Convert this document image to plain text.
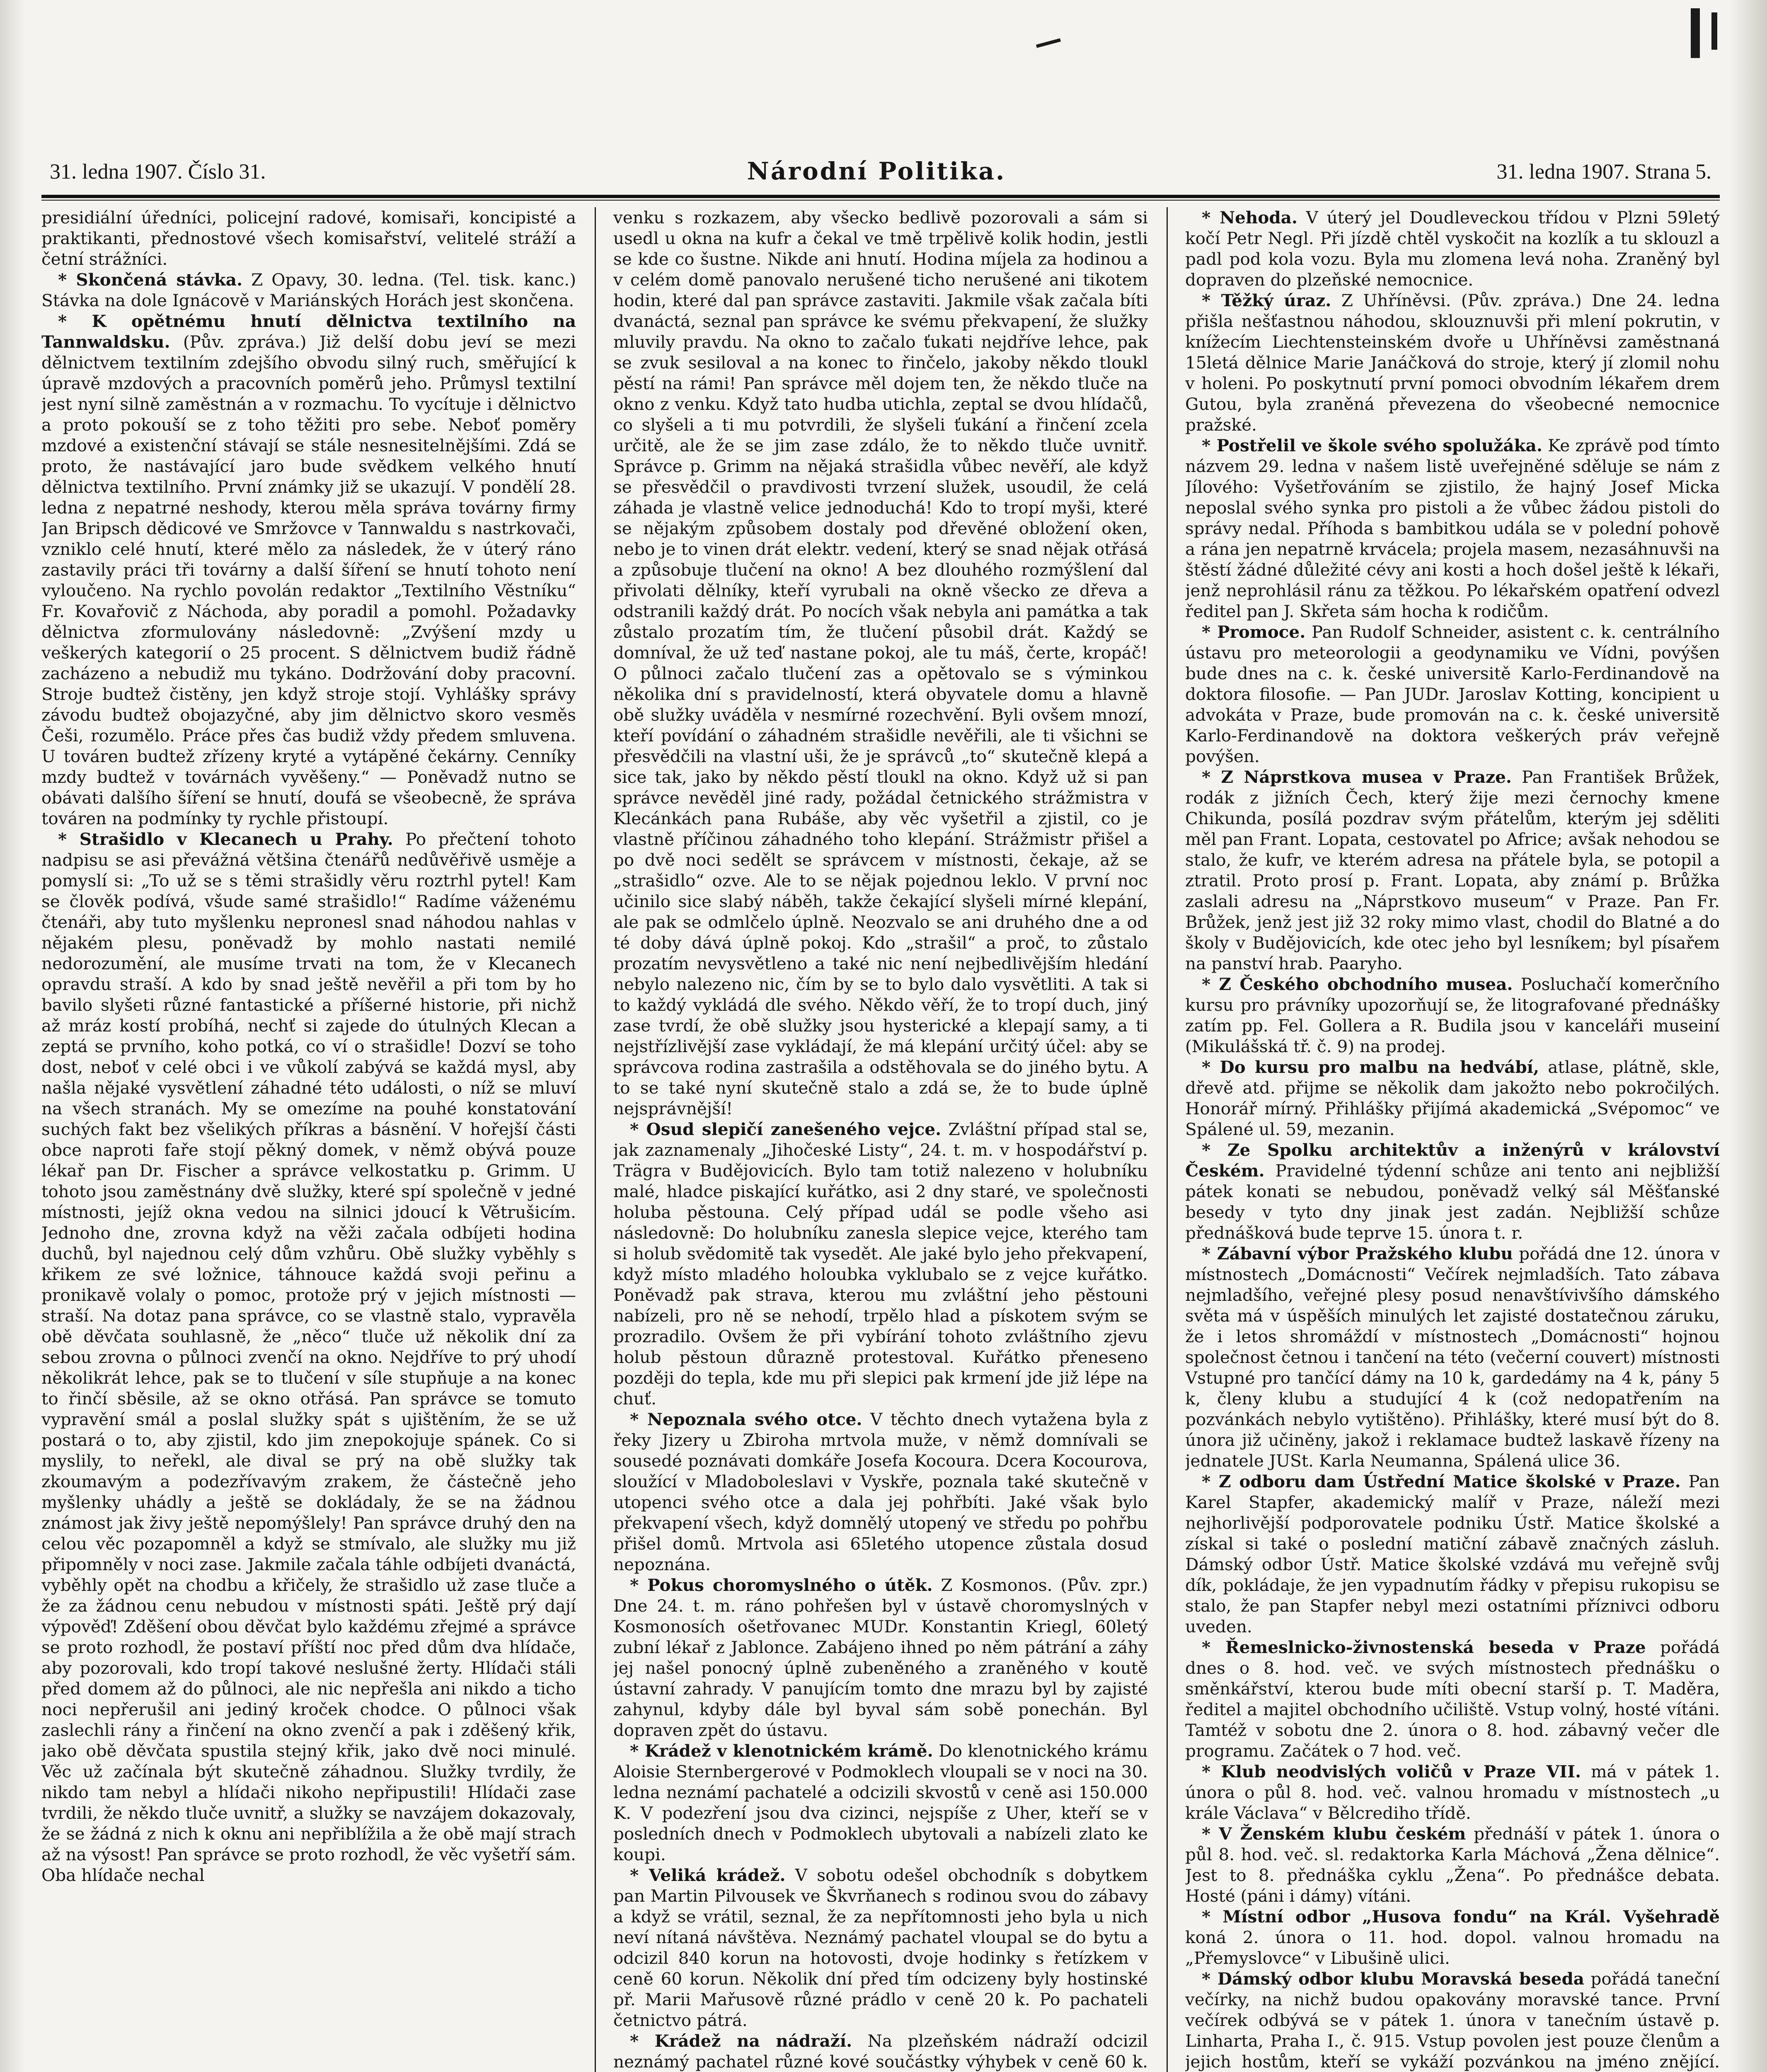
31. ledna 1907. Číslo 31.	Národní Politika.	31. ledna 1907. Strana 5.

presidiální úředníci, policejní radové, komisaři, koncipisté a praktikanti, přednostové všech komisařství, velitelé stráží a četní strážníci.

* Skončená stávka. Z Opavy, 30. ledna. (Tel. tisk. kanc.) Stávka na dole Ignácově v Mariánských Horách jest skončena.

* K opětnému hnutí dělnictva textilního na Tannwaldsku. (Pův. zpráva.) Již delší dobu jeví se mezi dělnictvem textilním zdejšího obvodu silný ruch, směřující k úpravě mzdových a pracovních poměrů jeho. Průmysl textilní jest nyní silně zaměstnán a v rozmachu. To vycítuje i dělnictvo a proto pokouší se z toho těžiti pro sebe. Neboť poměry mzdové a existenční stávají se stále nesnesitelnějšími. Zdá se proto, že nastávající jaro bude svědkem velkého hnutí dělnictva textilního. První známky již se ukazují. V pondělí 28. ledna z nepatrné neshody, kterou měla správa továrny firmy Jan Bripsch dědicové ve Smržovce v Tannwaldu s nastrkovači, vzniklo celé hnutí, které mělo za následek, že v úterý ráno zastavily práci tři továrny a další šíření se hnutí tohoto není vyloučeno. Na rychlo povolán redaktor „Textilního Věstníku“ Fr. Kovařovič z Náchoda, aby poradil a pomohl. Požadavky dělnictva zformulovány následovně: „Zvýšení mzdy u veškerých kategorií o 25 procent. S dělnictvem budiž řádně zacházeno a nebudiž mu tykáno. Dodržování doby pracovní. Stroje budtež čistěny, jen když stroje stojí. Vyhlášky správy závodu budtež obojazyčné, aby jim dělnictvo skoro vesměs Češi, rozumělo. Práce přes čas budiž vždy předem smluvena. U továren budtež zřízeny kryté a vytápěné čekárny. Cenníky mzdy budtež v továrnách vyvěšeny.“ — Poněvadž nutno se obávati dalšího šíření se hnutí, doufá se všeobecně, že správa továren na podmínky ty rychle přistoupí.

* Strašidlo v Klecanech u Prahy. Po přečtení tohoto nadpisu se asi převážná většina čtenářů nedůvěřivě usměje a pomyslí si: „To už se s těmi strašidly věru roztrhl pytel! Kam se člověk podívá, všude samé strašidlo!“ Radíme váženému čtenáři, aby tuto myšlenku nepronesl snad náhodou nahlas v nějakém plesu, poněvadž by mohlo nastati nemilé nedorozumění, ale musíme trvati na tom, že v Klecanech opravdu straší. A kdo by snad ještě nevěřil a při tom by ho bavilo slyšeti různé fantastické a příšerné historie, při nichž až mráz kostí probíhá, nechť si zajede do útulných Klecan a zeptá se prvního, koho potká, co ví o strašidle! Dozví se toho dost, neboť v celé obci i ve vůkolí zabývá se každá mysl, aby našla nějaké vysvětlení záhadné této události, o níž se mluví na všech stranách. My se omezíme na pouhé konstatování suchých fakt bez všelikých příkras a básnění. V hořejší části obce naproti faře stojí pěkný domek, v němž obývá pouze lékař pan Dr. Fischer a správce velkostatku p. Grimm. U tohoto jsou zaměstnány dvě služky, které spí společně v jedné místnosti, jejíž okna vedou na silnici jdoucí k Větrušicím. Jednoho dne, zrovna když na věži začala odbíjeti hodina duchů, byl najednou celý dům vzhůru. Obě služky vyběhly s křikem ze své ložnice, táhnouce každá svoji peřinu a pronikavě volaly o pomoc, protože prý v jejich místnosti — straší. Na dotaz pana správce, co se vlastně stalo, vypravěla obě děvčata souhlasně, že „něco“ tluče už několik dní za sebou zrovna o půlnoci zvenčí na okno. Nejdříve to prý uhodí několikrát lehce, pak se to tlučení v síle stupňuje a na konec to řinčí sběsile, až se okno otřásá. Pan správce se tomuto vypravění smál a poslal služky spát s ujištěním, že se už postará o to, aby zjistil, kdo jim znepokojuje spánek. Co si myslily, to neřekl, ale dival se prý na obě služky tak zkoumavým a podezřívavým zrakem, že částečně jeho myšlenky uhádly a ještě se dokládaly, že se na žádnou známost jak živy ještě nepomýšlely! Pan správce druhý den na celou věc pozapomněl a když se stmívalo, ale služky mu již připomněly v noci zase. Jakmile začala táhle odbíjeti dvanáctá, vyběhly opět na chodbu a křičely, že strašidlo už zase tluče a že za žádnou cenu nebudou v místnosti spáti. Ještě prý dají výpověď! Zděšení obou děvčat bylo každému zřejmé a správce se proto rozhodl, že postaví příští noc před dům dva hlídače, aby pozorovali, kdo tropí takové neslušné žerty. Hlídači stáli před domem až do půlnoci, ale nic nepřešla ani nikdo a ticho noci nepřerušil ani jediný kroček chodce. O půlnoci však zaslechli rány a řinčení na okno zvenčí a pak i zděšený křik, jako obě děvčata spustila stejný křik, jako dvě noci minulé. Věc už začínala být skutečně záhadnou. Služky tvrdily, že nikdo tam nebyl a hlídači nikoho nepřipustili! Hlídači zase tvrdili, že někdo tluče uvnitř, a služky se navzájem dokazovaly, že se žádná z nich k oknu ani nepřiblížila a že obě mají strach až na výsost! Pan správce se proto rozhodl, že věc vyšetří sám. Oba hlídače nechal

venku s rozkazem, aby všecko bedlivě pozorovali a sám si usedl u okna na kufr a čekal ve tmě trpělivě kolik hodin, jestli se kde co šustne. Nikde ani hnutí. Hodina míjela za hodinou a v celém domě panovalo nerušené ticho nerušené ani tikotem hodin, které dal pan správce zastaviti. Jakmile však začala bíti dvanáctá, seznal pan správce ke svému překvapení, že služky mluvily pravdu. Na okno to začalo ťukati nejdříve lehce, pak se zvuk sesiloval a na konec to řinčelo, jakoby někdo tloukl pěstí na rámi! Pan správce měl dojem ten, že někdo tluče na okno z venku. Když tato hudba utichla, zeptal se dvou hlídačů, co slyšeli a ti mu potvrdili, že slyšeli ťukání a řinčení zcela určitě, ale že se jim zase zdálo, že to někdo tluče uvnitř. Správce p. Grimm na nějaká strašidla vůbec nevěří, ale když se přesvědčil o pravdivosti tvrzení služek, usoudil, že celá záhada je vlastně velice jednoduchá! Kdo to tropí myši, které se nějakým způsobem dostaly pod dřevěné obložení oken, nebo je to vinen drát elektr. vedení, který se snad nějak otřásá a způsobuje tlučení na okno! A bez dlouhého rozmýšlení dal přivolati dělníky, kteří vyrubali na okně všecko ze dřeva a odstranili každý drát. Po nocích však nebyla ani památka a tak zůstalo prozatím tím, že tlučení působil drát. Každý se domníval, že už teď nastane pokoj, ale tu máš, čerte, kropáč! O půlnoci začalo tlučení zas a opětovalo se s výminkou několika dní s pravidelností, která obyvatele domu a hlavně obě služky uváděla v nesmírné rozechvění. Byli ovšem mnozí, kteří povídání o záhadném strašidle nevěřili, ale ti všichni se přesvědčili na vlastní uši, že je správců „to“ skutečně klepá a sice tak, jako by někdo pěstí tloukl na okno. Když už si pan správce nevěděl jiné rady, požádal četnického strážmistra v Klecánkách pana Rubáše, aby věc vyšetřil a zjistil, co je vlastně příčinou záhadného toho klepání. Strážmistr přišel a po dvě noci sedělt se správcem v místnosti, čekaje, až se „strašidlo“ ozve. Ale to se nějak pojednou leklo. V první noc učinilo sice slabý náběh, takže čekající slyšeli mírné klepání, ale pak se odmlčelo úplně. Neozvalo se ani druhého dne a od té doby dává úplně pokoj. Kdo „strašil“ a proč, to zůstalo prozatím nevysvětleno a také nic není nejbedlivějším hledání nebylo nalezeno nic, čím by se to bylo dalo vysvětliti. A tak si to každý vykládá dle svého. Někdo věří, že to tropí duch, jiný zase tvrdí, že obě služky jsou hysterické a klepají samy, a ti nejstřízlivější zase vykládají, že má klepání určitý účel: aby se správcova rodina zastrašila a odstěhovala se do jiného bytu. A to se také nyní skutečně stalo a zdá se, že to bude úplně nejsprávnější!

* Osud slepičí zanešeného vejce. Zvláštní případ stal se, jak zaznamenaly „Jihočeské Listy“, 24. t. m. v hospodářství p. Trägra v Budějovicích. Bylo tam totiž nalezeno v holubníku malé, hladce piskající kuřátko, asi 2 dny staré, ve společnosti holuba pěstouna. Celý případ udál se podle všeho asi následovně: Do holubníku zanesla slepice vejce, kterého tam si holub svědomitě tak vysedět. Ale jaké bylo jeho překvapení, když místo mladého holoubka vyklubalo se z vejce kuřátko. Poněvadž pak strava, kterou mu zvláštní jeho pěstouni nabízeli, pro ně se nehodí, trpělo hlad a pískotem svým se prozradilo. Ovšem že při vybírání tohoto zvláštního zjevu holub pěstoun důrazně protestoval. Kuřátko přeneseno později do tepla, kde mu při slepici pak krmení jde již lépe na chuť.

* Nepoznala svého otce. V těchto dnech vytažena byla z řeky Jizery u Zbiroha mrtvola muže, v němž domnívali se sousedé poznávati domkáře Josefa Kocoura. Dcera Kocourova, sloužící v Mladoboleslavi v Vyskře, poznala také skutečně v utopenci svého otce a dala jej pohřbíti. Jaké však bylo překvapení všech, když domnělý utopený ve středu po pohřbu přišel domů. Mrtvola asi 65letého utopence zůstala dosud nepoznána.

* Pokus choromyslného o útěk. Z Kosmonos. (Pův. zpr.) Dne 24. t. m. ráno pohřešen byl v ústavě choromyslných v Kosmonosích ošetřovanec MUDr. Konstantin Kriegl, 60letý zubní lékař z Jablonce. Zabájeno ihned po něm pátrání a záhy jej našel ponocný úplně zubeněného a zraněného v koutě ústavní zahrady. V panujícím tomto dne mrazu byl by zajisté zahynul, kdyby dále byl byval sám sobě ponechán. Byl dopraven zpět do ústavu.

* Krádež v klenotnickém krámě. Do klenotnického krámu Aloisie Sternbergerové v Podmoklech vloupali se v noci na 30. ledna neznámí pachatelé a odcizili skvostů v ceně asi 150.000 K. V podezření jsou dva cizinci, nejspíše z Uher, kteří se v posledních dnech v Podmoklech ubytovali a nabízeli zlato ke koupi.

* Veliká krádež. V sobotu odešel obchodník s dobytkem pan Martin Pilvousek ve Škvrňanech s rodinou svou do zábavy a když se vrátil, seznal, že za nepřítomnosti jeho byla u nich neví nítaná návštěva. Neznámý pachatel vloupal se do bytu a odcizil 840 korun na hotovosti, dvoje hodinky s řetízkem v ceně 60 korun. Několik dní před tím odcizeny byly hostinské př. Marii Mařusově různé prádlo v ceně 20 k. Po pachateli četnictvo pátrá.

* Krádež na nádraží. Na plzeňském nádraží odcizil neznámý pachatel různé kové součástky výhybek v ceně 60 k.

* Nehoda. V úterý jel Doudleveckou třídou v Plzni 59letý kočí Petr Negl. Při jízdě chtěl vyskočit na kozlík a tu sklouzl a padl pod kola vozu. Byla mu zlomena levá noha. Zraněný byl dopraven do plzeňské nemocnice.

* Těžký úraz. Z Uhříněvsi. (Pův. zpráva.) Dne 24. ledna přišla nešťastnou náhodou, sklouznuvši při mlení pokrutin, v knížecím Liechtensteinském dvoře u Uhříněvsi zaměstnaná 15letá dělnice Marie Janáčková do stroje, který jí zlomil nohu v holeni. Po poskytnutí první pomoci obvodním lékařem drem Gutou, byla zraněná převezena do všeobecné nemocnice pražské.

* Postřelil ve škole svého spolužáka. Ke zprávě pod tímto názvem 29. ledna v našem listě uveřejněné sděluje se nám z Jílového: Vyšetřováním se zjistilo, že hajný Josef Micka neposlal svého synka pro pistoli a že vůbec žádou pistoli do správy nedal. Příhoda s bambitkou udála se v polední pohově a rána jen nepatrně krvácela; projela masem, nezasáhnuvši na štěstí žádné důležité cévy ani kosti a hoch došel ještě k lékaři, jenž neprohlásil ránu za těžkou. Po lékařském opatření odvezl ředitel pan J. Skřeta sám hocha k rodičům.

* Promoce. Pan Rudolf Schneider, asistent c. k. centrálního ústavu pro meteorologii a geodynamiku ve Vídni, povýšen bude dnes na c. k. české universitě Karlo-Ferdinandově na doktora filosofie. — Pan JUDr. Jaroslav Kotting, koncipient u advokáta v Praze, bude promován na c. k. české universitě Karlo-Ferdinandově na doktora veškerých práv veřejně povýšen.

* Z Náprstkova musea v Praze. Pan František Brůžek, rodák z jižních Čech, který žije mezi černochy kmene Chikunda, posílá pozdrav svým přátelům, kterým jej sděliti měl pan Frant. Lopata, cestovatel po Africe; avšak nehodou se stalo, že kufr, ve kterém adresa na přátele byla, se potopil a ztratil. Proto prosí p. Frant. Lopata, aby známí p. Brůžka zaslali adresu na „Náprstkovo museum“ v Praze. Pan Fr. Brůžek, jenž jest již 32 roky mimo vlast, chodil do Blatné a do školy v Budějovicích, kde otec jeho byl lesníkem; byl písařem na panství hrab. Paaryho.

* Z Českého obchodního musea. Posluchačí komerčního kursu pro právníky upozorňují se, že litografované přednášky zatím pp. Fel. Gollera a R. Budila jsou v kanceláři museiní (Mikulášská tř. č. 9) na prodej.

* Do kursu pro malbu na hedvábí, atlase, plátně, skle, dřevě atd. přijme se několik dam jakožto nebo pokročilých. Honorář mírný. Přihlášky přijímá akademická „Svépomoc“ ve Spálené ul. 59, mezanin.

* Ze Spolku architektův a inženýrů v království Českém. Pravidelné týdenní schůze ani tento ani nejbližší pátek konati se nebudou, poněvadž velký sál Měšťanské besedy v tyto dny jinak jest zadán. Nejbližší schůze přednášková bude teprve 15. února t. r.

* Zábavní výbor Pražského klubu pořádá dne 12. února v místnostech „Domácnosti“ Večírek nejmladších. Tato zábava nejmladšího, veřejné plesy posud nenavštívivšího dámského světa má v úspěších minulých let zajisté dostatečnou záruku, že i letos shromáždí v místnostech „Domácnosti“ hojnou společnost četnou i tančení na této (večerní couvert) místnosti Vstupné pro tančící dámy na 10 k, gardedámy na 4 k, pány 5 k, členy klubu a studující 4 k (což nedopatřením na pozvánkách nebylo vytištěno). Přihlášky, které musí být do 8. února již učiněny, jakož i reklamace budtež laskavě řízeny na jednatele JUSt. Karla Neumanna, Spálená ulice 36.

* Z odboru dam Ústřední Matice školské v Praze. Pan Karel Stapfer, akademický malíř v Praze, náleží mezi nejhorlivější podporovatele podniku Ústř. Matice školské a získal si také o poslední matiční zábavě značných zásluh. Dámský odbor Ústř. Matice školské vzdává mu veřejně svůj dík, pokládaje, že jen vypadnutím řádky v přepisu rukopisu se stalo, že pan Stapfer nebyl mezi ostatními příznivci odboru uveden.

* Řemeslnicko-živnostenská beseda v Praze pořádá dnes o 8. hod. več. ve svých místnostech přednášku o směnkářství, kterou bude míti obecní starší p. T. Maděra, ředitel a majitel obchodního učiliště. Vstup volný, hosté vítáni. Tamtéž v sobotu dne 2. února o 8. hod. zábavný večer dle programu. Začátek o 7 hod. več.

* Klub neodvislých voličů v Praze VII. má v pátek 1. února o půl 8. hod. več. valnou hromadu v místnostech „u krále Václava“ v Bělcrediho třídě.

* V Ženském klubu českém přednáší v pátek 1. února o půl 8. hod. več. sl. redaktorka Karla Máchová „Žena dělnice“. Jest to 8. přednáška cyklu „Žena“. Po přednášce debata. Hosté (páni i dámy) vítáni.

* Místní odbor „Husova fondu“ na Král. Vyšehradě koná 2. února o 11. hod. dopol. valnou hromadu na „Přemyslovce“ v Libušině ulici.

* Dámský odbor klubu Moravská beseda pořádá taneční večírky, na nichž budou opakovány moravské tance. První večírek odbývá se v pátek 1. února v tanečním ústavě p. Linharta, Praha I., č. 915. Vstup povolen jest pouze členům a jejich hostům, kteří se vykáží pozvánkou na jméno znějící.
